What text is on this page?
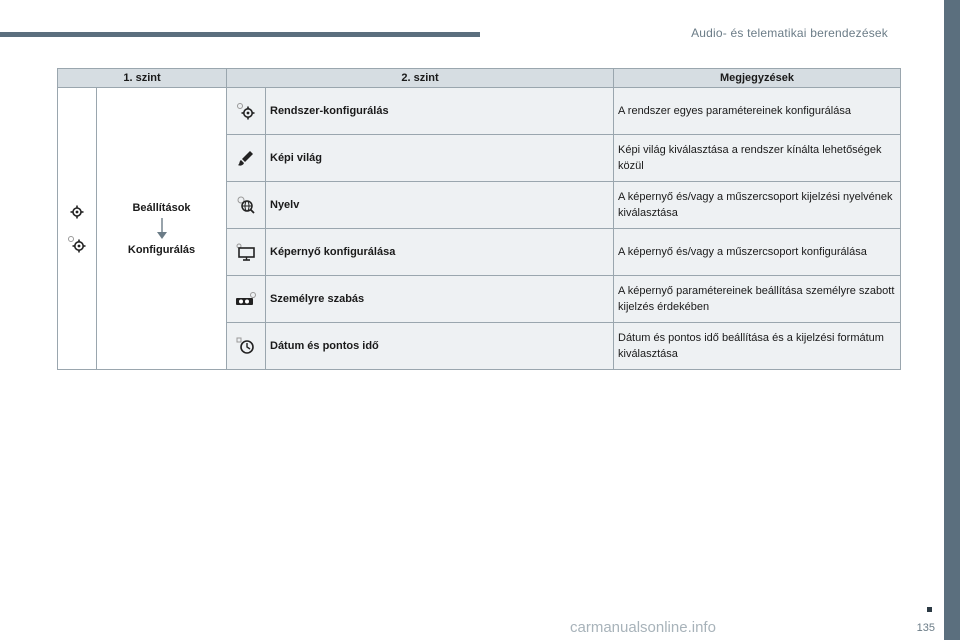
Audio- és telematikai berendezések
1. szint		2. szint		Megjegyzések

Beállítások
Konfigurálás		Rendszer-konfigurálás	A rendszer egyes paramétereinek konfigurálása
	Képi világ	Képi világ kiválasztása a rendszer kínálta lehetőségek közül
	Nyelv	A képernyő és/vagy a műszercsoport kijelzési nyelvének kiválasztása
	Képernyő konfigurálása	A képernyő és/vagy a műszercsoport konfigurálása
	Személyre szabás	A képernyő paramétereinek beállítása személyre szabott kijelzés érdekében
	Dátum és pontos idő	Dátum és pontos idő beállítása és a kijelzési formátum kiválasztása
135
carmanualsonline.info
